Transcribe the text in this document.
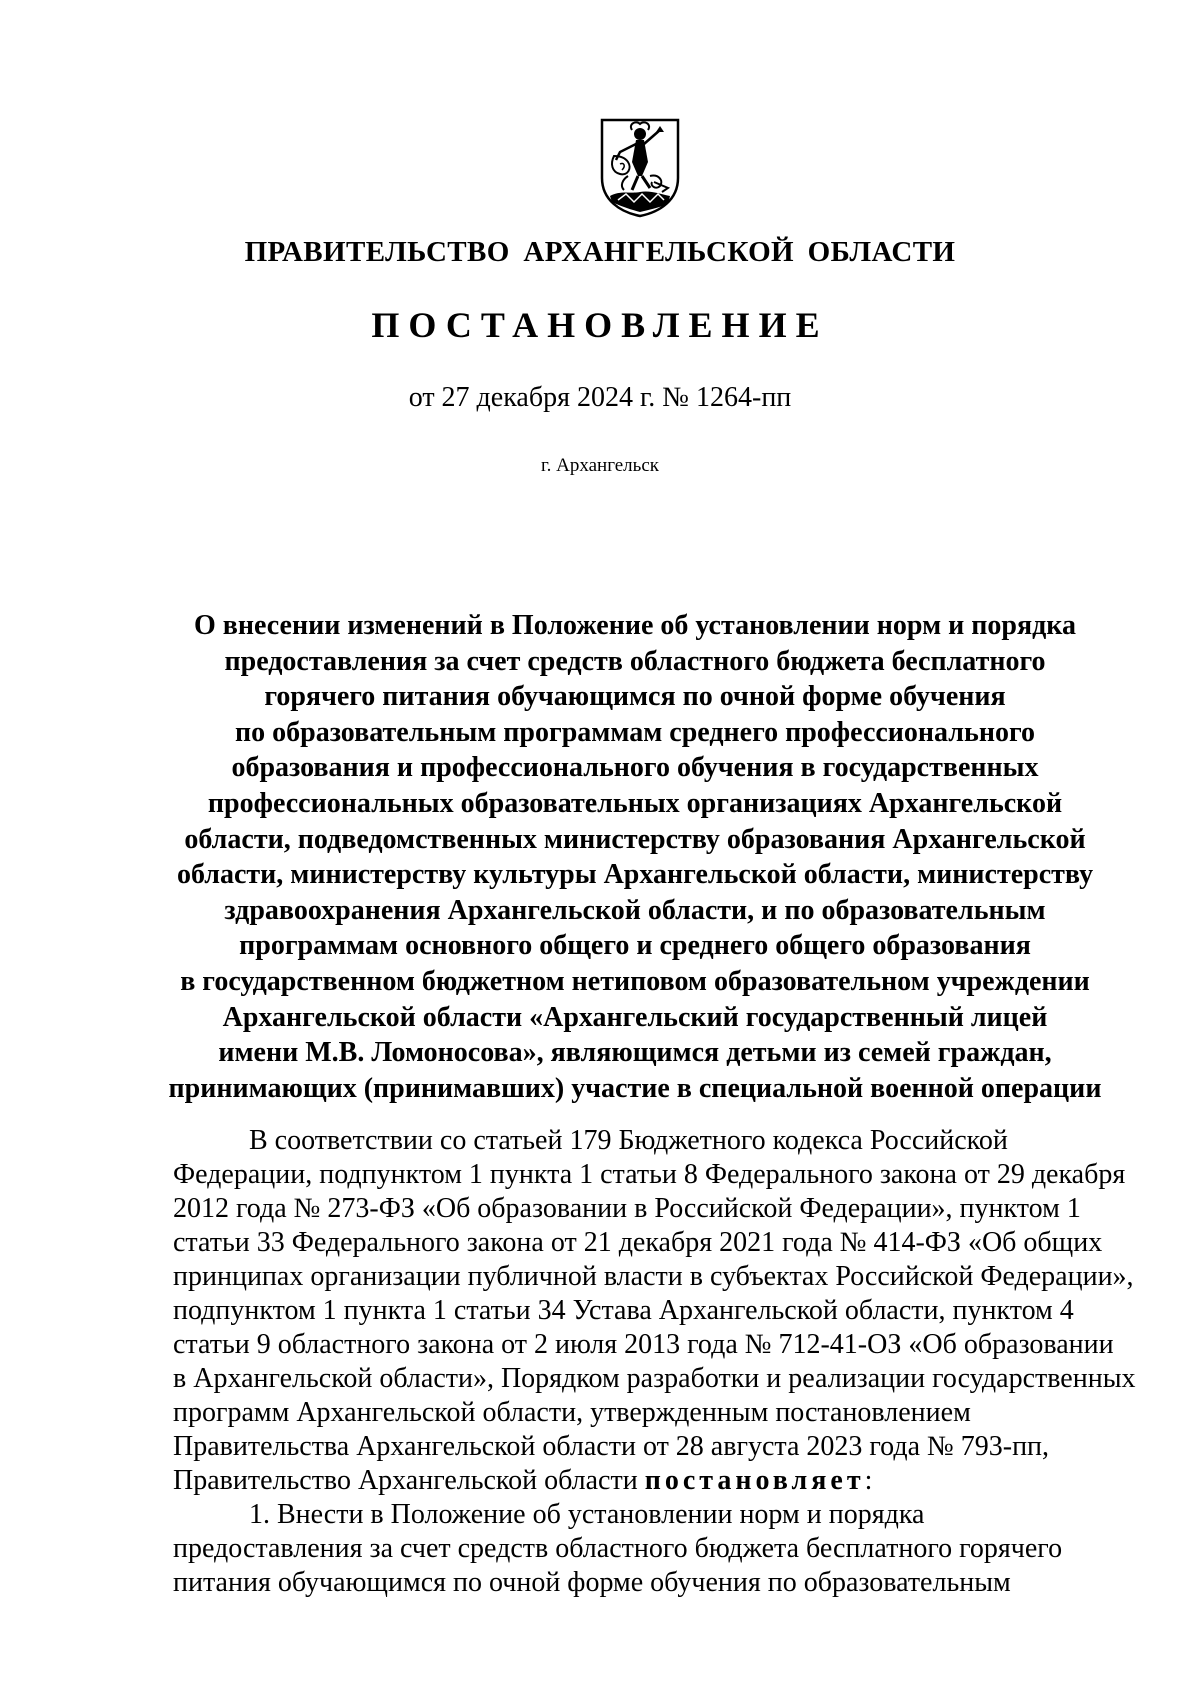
ПРАВИТЕЛЬСТВО АРХАНГЕЛЬСКОЙ ОБЛАСТИ
ПОСТАНОВЛЕНИЕ
от 27 декабря 2024 г. № 1264-пп
г. Архангельск
О внесении изменений в Положение об установлении норм и порядка
предоставления за счет средств областного бюджета бесплатного
горячего питания обучающимся по очной форме обучения
по образовательным программам среднего профессионального
образования и профессионального обучения в государственных
профессиональных образовательных организациях Архангельской
области, подведомственных министерству образования Архангельской
области, министерству культуры Архангельской области, министерству
здравоохранения Архангельской области, и по образовательным
программам основного общего и среднего общего образования
в государственном бюджетном нетиповом образовательном учреждении
Архангельской области «Архангельский государственный лицей
имени М.В. Ломоносова», являющимся детьми из семей граждан,
принимающих (принимавших) участие в специальной военной операции
В соответствии со статьей 179 Бюджетного кодекса Российской
Федерации, подпунктом 1 пункта 1 статьи 8 Федерального закона от 29 декабря
2012 года № 273-ФЗ «Об образовании в Российской Федерации», пунктом 1
статьи 33 Федерального закона от 21 декабря 2021 года № 414-ФЗ «Об общих
принципах организации публичной власти в субъектах Российской Федерации»,
подпунктом 1 пункта 1 статьи 34 Устава Архангельской области, пунктом 4
статьи 9 областного закона от 2 июля 2013 года № 712-41-ОЗ «Об образовании
в Архангельской области», Порядком разработки и реализации государственных
программ Архангельской области, утвержденным постановлением
Правительства Архангельской области от 28 августа 2023 года № 793-пп,
Правительство Архангельской области постановляет:
1. Внести в Положение об установлении норм и порядка
предоставления за счет средств областного бюджета бесплатного горячего
питания обучающимся по очной форме обучения по образовательным
